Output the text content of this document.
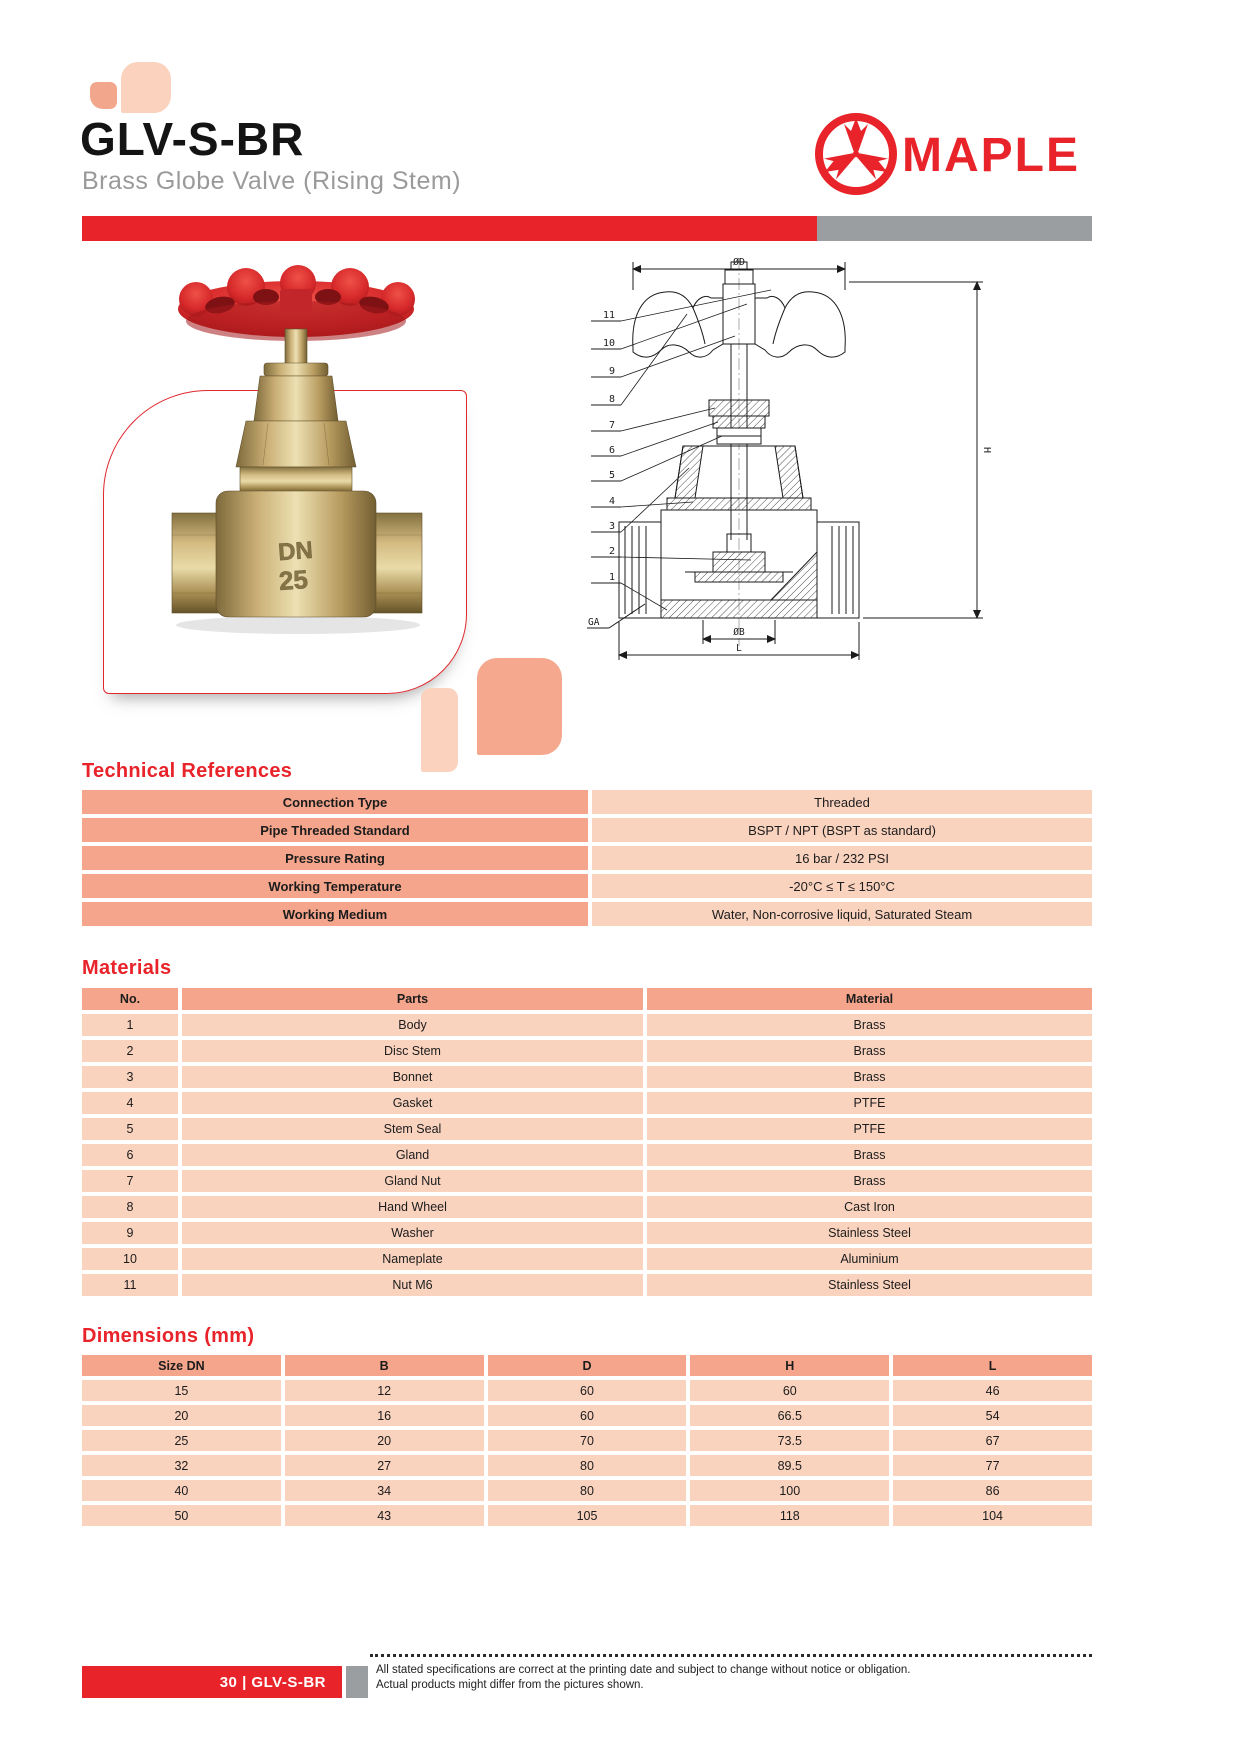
GLV-S-BR
Brass Globe Valve (Rising Stem)	MAPLE
DN
25
ØD
H
ØB
L
GA
11
10
9
8
7
6
5
4
3
2
1
Technical References
Connection Type	Threaded
Pipe Threaded Standard	BSPT / NPT (BSPT as standard)
Pressure Rating	16 bar / 232 PSI
Working Temperature	-20°C ≤ T ≤ 150°C
Working Medium	Water, Non-corrosive liquid, Saturated Steam
Materials
No.	Parts	Material
1	Body	Brass
2	Disc Stem	Brass
3	Bonnet	Brass
4	Gasket	PTFE
5	Stem Seal	PTFE
6	Gland	Brass
7	Gland Nut	Brass
8	Hand Wheel	Cast Iron
9	Washer	Stainless Steel
10	Nameplate	Aluminium
11	Nut M6	Stainless Steel
Dimensions (mm)
Size DN	B	D	H	L
15	12	60	60	46
20	16	60	66.5	54
25	20	70	73.5	67
32	27	80	89.5	77
40	34	80	100	86
50	43	105	118	104
30 | GLV-S-BR
All stated specifications are correct at the printing date and subject to change without notice or obligation.
Actual products might differ from the pictures shown.
